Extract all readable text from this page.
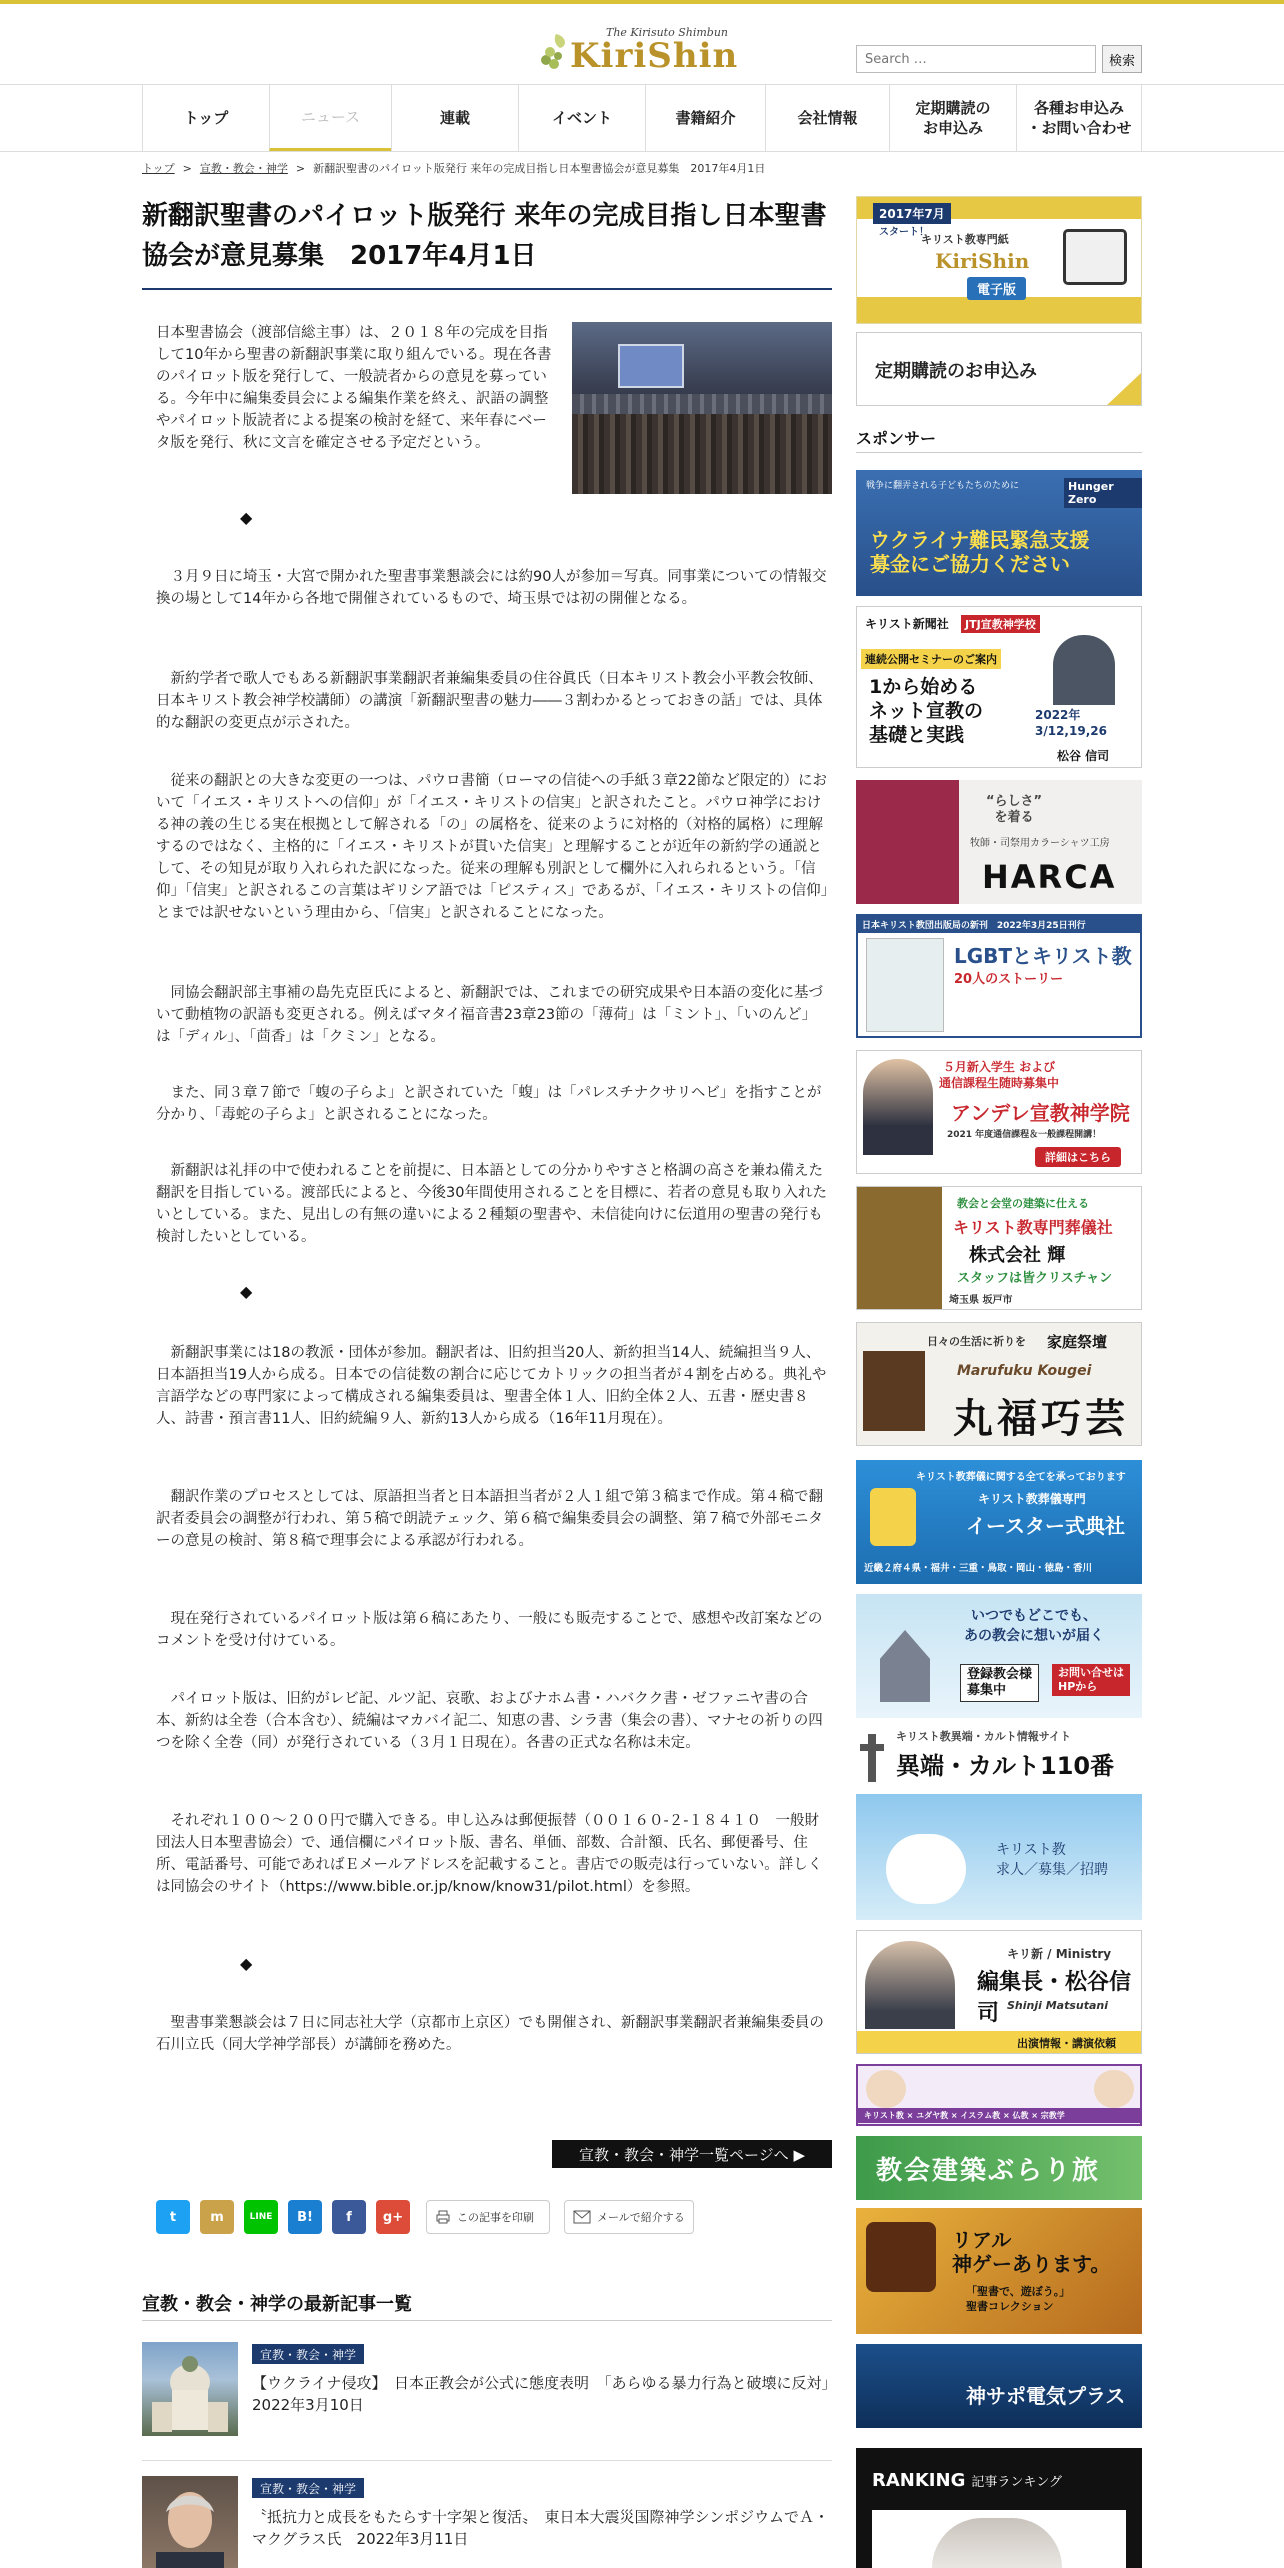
The Kirisuto Shimbun
KiriShin
Search …	検索
トップ	ニュース	連載	イベント	書籍紹介	会社情報
定期購読の
お申込み
各種お申込み
・お問い合わせ
トップ > 宣教・教会・神学 > 新翻訳聖書のパイロット版発行 来年の完成目指し日本聖書協会が意見募集　2017年4月1日
新翻訳聖書のパイロット版発行 来年の完成目指し日本聖書協会が意見募集　2017年4月1日

日本聖書協会（渡部信総主事）は、２０１８年の完成を目指して10年から聖書の新翻訳事業に取り組んでいる。現在各書のパイロット版を発行して、一般読者からの意見を募っている。今年中に編集委員会による編集作業を終え、訳語の調整やパイロット版読者による提案の検討を経て、来年春にベータ版を発行、秋に文言を確定させる予定だという。

◆

３月９日に埼玉・大宮で開かれた聖書事業懇談会には約90人が参加＝写真。同事業についての情報交換の場として14年から各地で開催されているもので、埼玉県では初の開催となる。

新約学者で歌人でもある新翻訳事業翻訳者兼編集委員の住谷眞氏（日本キリスト教会小平教会牧師、日本キリスト教会神学校講師）の講演「新翻訳聖書の魅力――３割わかるとっておきの話」では、具体的な翻訳の変更点が示された。

従来の翻訳との大きな変更の一つは、パウロ書簡（ローマの信徒への手紙３章22節など限定的）において「イエス・キリストへの信仰」が「イエス・キリストの信実」と訳されたこと。パウロ神学における神の義の生じる実在根拠として解される「の」の属格を、従来のように対格的（対格的属格）に理解するのではなく、主格的に「イエス・キリストが貫いた信実」と理解することが近年の新約学の通説として、その知見が取り入れられた訳になった。従来の理解も別訳として欄外に入れられるという。「信仰」「信実」と訳されるこの言葉はギリシア語では「ピスティス」であるが、「イエス・キリストの信仰」とまでは訳せないという理由から、「信実」と訳されることになった。

同協会翻訳部主事補の島先克臣氏によると、新翻訳では、これまでの研究成果や日本語の変化に基づいて動植物の訳語も変更される。例えばマタイ福音書23章23節の「薄荷」は「ミント」、「いのんど」は「ディル」、「茴香」は「クミン」となる。

また、同３章７節で「蝮の子らよ」と訳されていた「蝮」は「パレスチナクサリヘビ」を指すことが分かり、「毒蛇の子らよ」と訳されることになった。

新翻訳は礼拝の中で使われることを前提に、日本語としての分かりやすさと格調の高さを兼ね備えた翻訳を目指している。渡部氏によると、今後30年間使用されることを目標に、若者の意見も取り入れたいとしている。また、見出しの有無の違いによる２種類の聖書や、未信徒向けに伝道用の聖書の発行も検討したいとしている。

◆

新翻訳事業には18の教派・団体が参加。翻訳者は、旧約担当20人、新約担当14人、続編担当９人、日本語担当19人から成る。日本での信徒数の割合に応じてカトリックの担当者が４割を占める。典礼や言語学などの専門家によって構成される編集委員は、聖書全体１人、旧約全体２人、五書・歴史書８人、詩書・預言書11人、旧約続編９人、新約13人から成る（16年11月現在）。

翻訳作業のプロセスとしては、原語担当者と日本語担当者が２人１組で第３稿まで作成。第４稿で翻訳者委員会の調整が行われ、第５稿で朗読テェック、第６稿で編集委員会の調整、第７稿で外部モニターの意見の検討、第８稿で理事会による承認が行われる。

現在発行されているパイロット版は第６稿にあたり、一般にも販売することで、感想や改訂案などのコメントを受け付けている。

パイロット版は、旧約がレビ記、ルツ記、哀歌、およびナホム書・ハバクク書・ゼファニヤ書の合本、新約は全巻（合本含む）、続編はマカバイ記二、知恵の書、シラ書（集会の書）、マナセの祈りの四つを除く全巻（同）が発行されている（３月１日現在）。各書の正式な名称は未定。

それぞれ１００～２００円で購入できる。申し込みは郵便振替（００１６０-２-１８４１０　一般財団法人日本聖書協会）で、通信欄にパイロット版、書名、単価、部数、合計額、氏名、郵便番号、住所、電話番号、可能であればＥメールアドレスを記載すること。書店での販売は行っていない。詳しくは同協会のサイト（https://www.bible.or.jp/know/know31/pilot.html）を参照。

◆

聖書事業懇談会は７日に同志社大学（京都市上京区）でも開催され、新翻訳事業翻訳者兼編集委員の石川立氏（同大学神学部長）が講師を務めた。

宣教・教会・神学一覧ページへ ▶
t	m	LINE	B!	f	g+	この記事を印刷	メールで紹介する
宣教・教会・神学の最新記事一覧
宣教・教会・神学
【ウクライナ侵攻】　日本正教会が公式に態度表明　「あらゆる暴力行為と破壊に反対」　2022年3月10日
宣教・教会・神学
〝抵抗力と成長をもたらす十字架と復活〟　東日本大震災国際神学シンポジウムでＡ・マクグラス氏　2022年3月11日
2017年7月
スタート！
キリスト教専門紙
KiriShin
電子版
定期購読のお申込み
スポンサー
戦争に翻弄される子どもたちのために	Hunger Zero
ウクライナ難民緊急支援
募金にご協力ください
キリスト新聞社	JTJ宣教神学校
連続公開セミナーのご案内
1から始める
ネット宣教の
基礎と実践
2022年
3/12,19,26
松谷 信司
“らしさ”
を着る
牧師・司祭用カラーシャツ工房
HARCA
日本キリスト教団出版局の新刊　2022年3月25日刊行
LGBTとキリスト教
20人のストーリー
５月新入学生 および
通信課程生随時募集中
アンデレ宣教神学院
2021 年度通信課程＆一般課程開講！
詳細はこちら
教会と会堂の建築に仕える
キリスト教専門葬儀社
株式会社 輝
スタッフは皆クリスチャン
埼玉県 坂戸市
日々の生活に祈りを 家庭祭壇
Marufuku Kougei
丸福巧芸
キリスト教葬儀に関する全てを承っております
キリスト教葬儀専門
イースター式典社
近畿２府４県・福井・三重・鳥取・岡山・徳島・香川
いつでもどこでも、
あの教会に想いが届く
登録教会様
募集中
お問い合せは
HPから
キリスト教異端・カルト情報サイト
異端・カルト110番
キリスト教
求人／募集／招聘
キリ新 / Ministry
編集長・松谷信司 Shinji Matsutani
出演情報・講演依頼
キリスト教 × ユダヤ教 × イスラム教 × 仏教 × 宗教学
教会建築ぶらり旅
リアル
神ゲーあります。
「聖書で、遊ぼう。」
聖書コレクション
神サポ電気プラス
RANKING 記事ランキング
